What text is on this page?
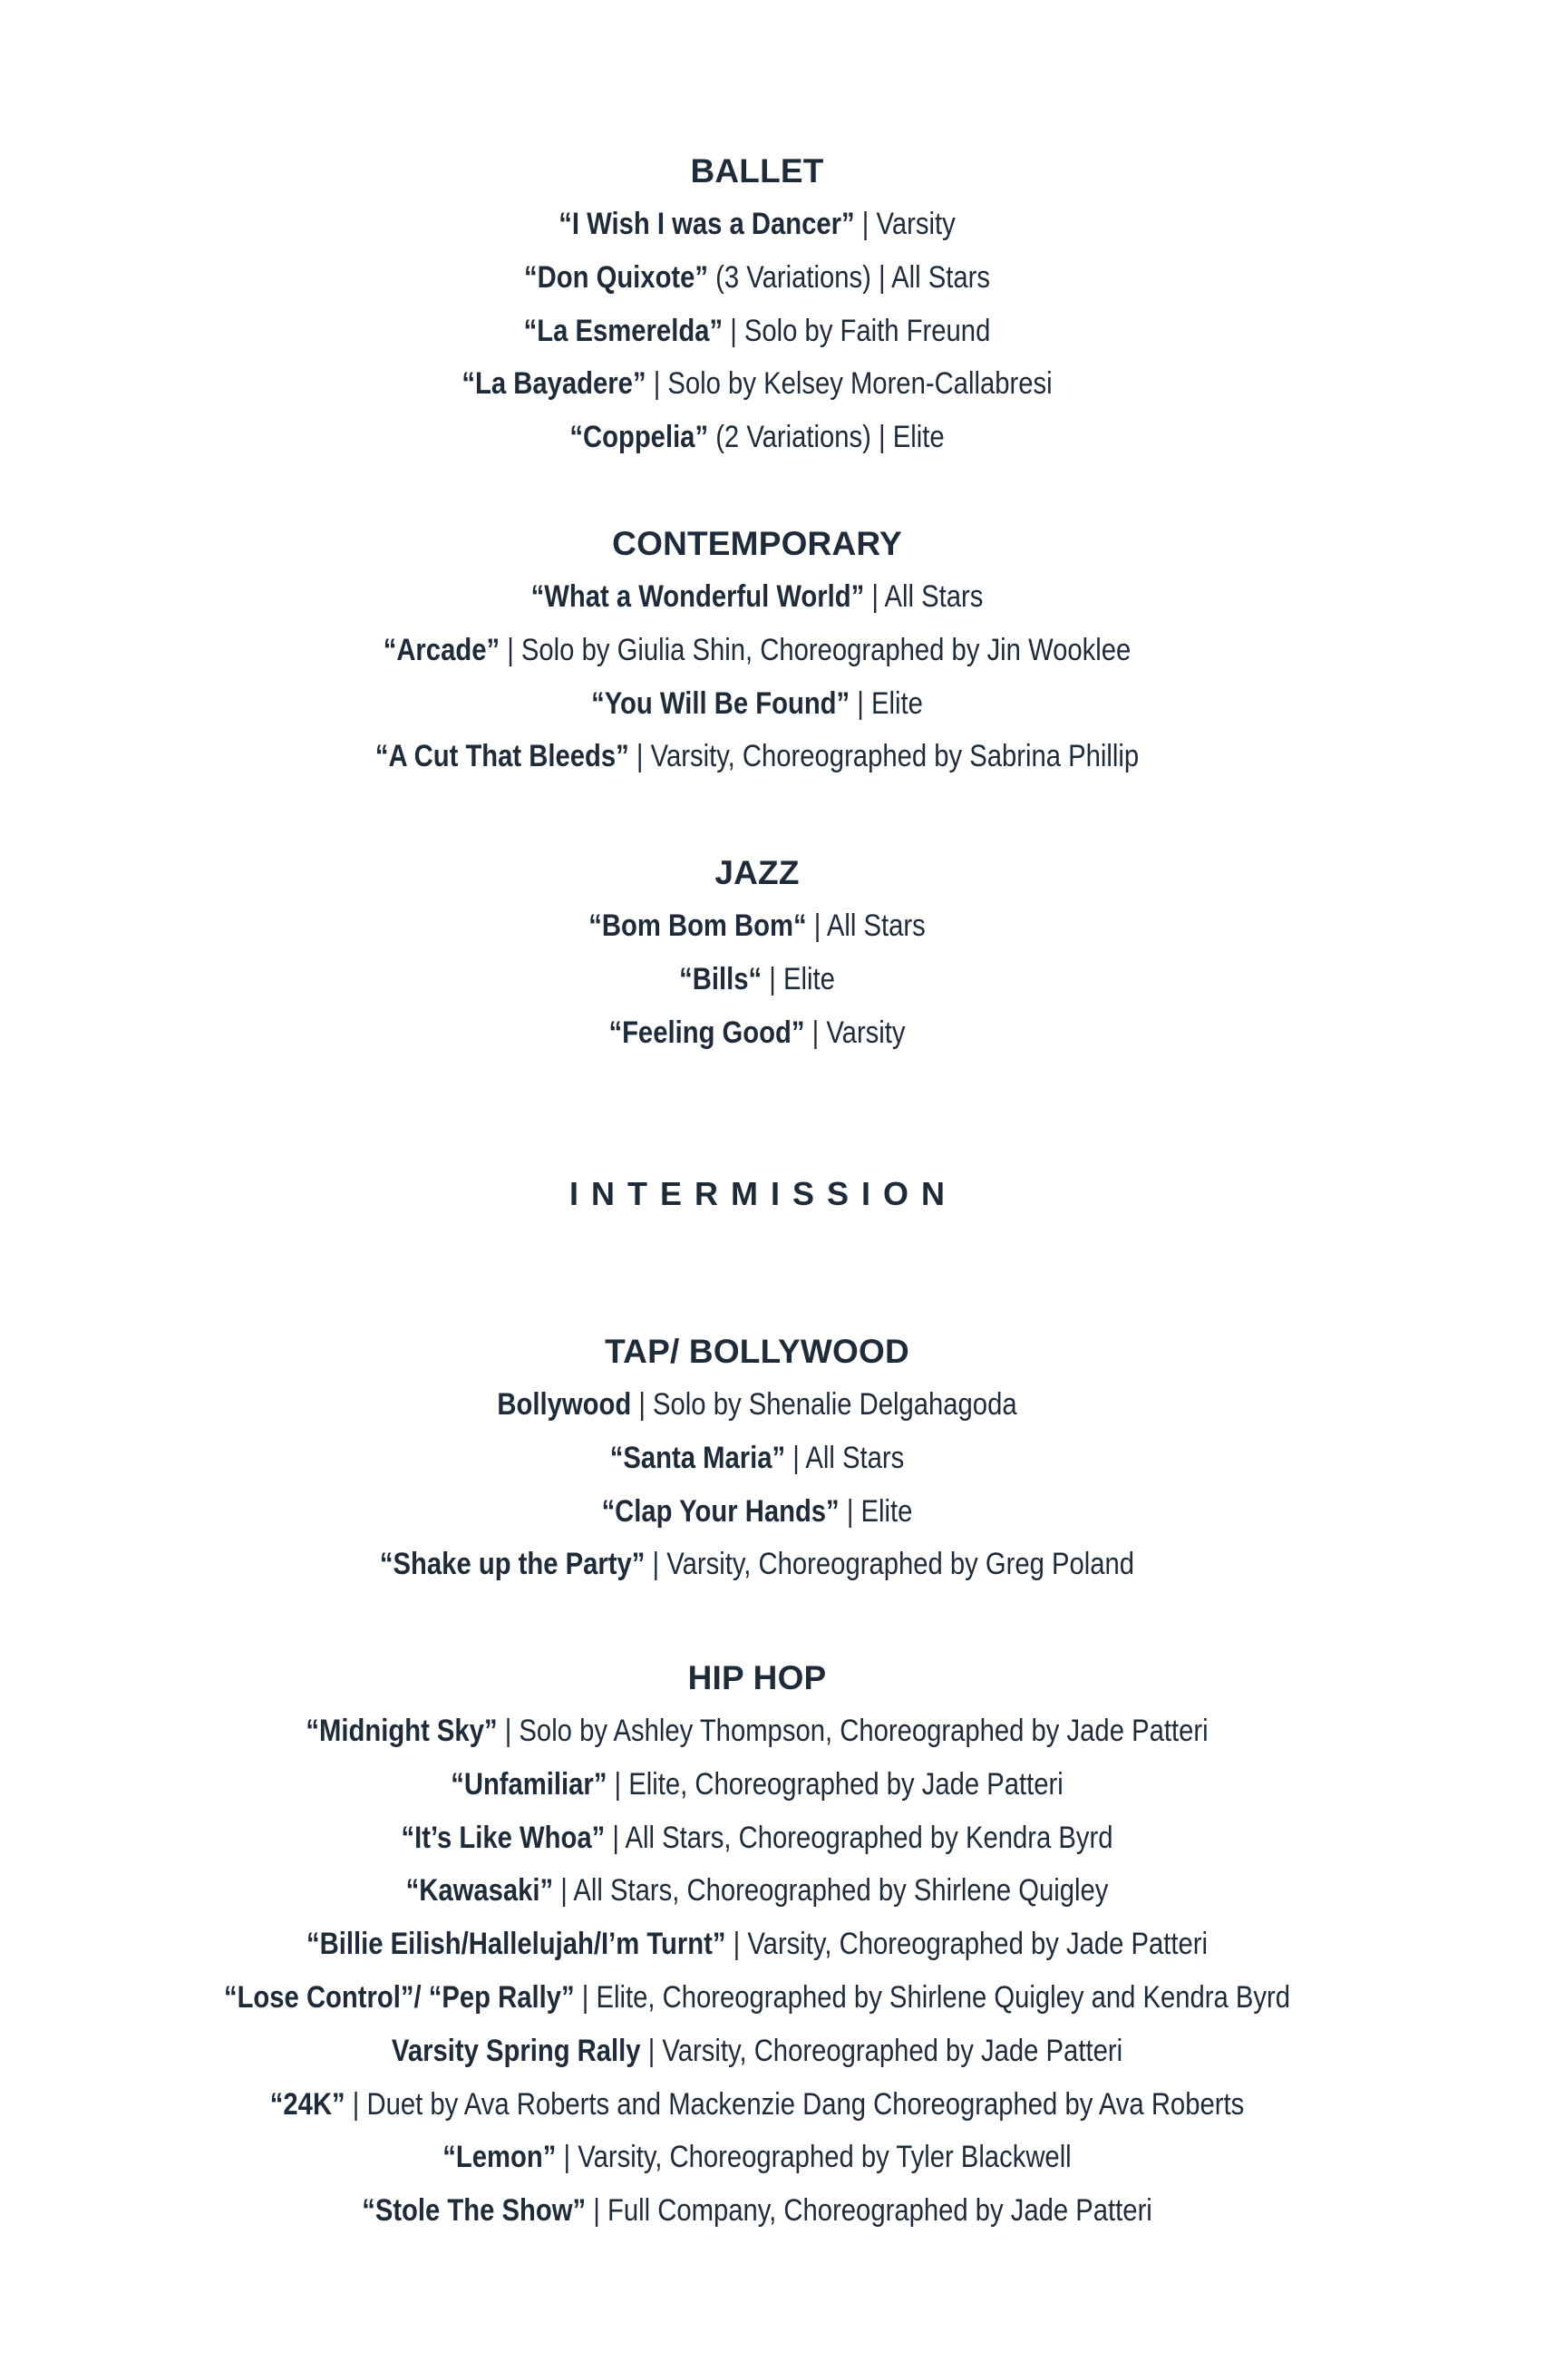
BALLET
“I Wish I was a Dancer” | Varsity
“Don Quixote” (3 Variations) | All Stars
“La Esmerelda” | Solo by Faith Freund
“La Bayadere” | Solo by Kelsey Moren-Callabresi
“Coppelia” (2 Variations) | Elite
CONTEMPORARY
“What a Wonderful World” | All Stars
“Arcade” | Solo by Giulia Shin, Choreographed by Jin Wooklee
“You Will Be Found” | Elite
“A Cut That Bleeds” | Varsity, Choreographed by Sabrina Phillip
JAZZ
“Bom Bom Bom“ | All Stars
“Bills“ | Elite
“Feeling Good” | Varsity
INTERMISSION
TAP/ BOLLYWOOD
Bollywood | Solo by Shenalie Delgahagoda
“Santa Maria” | All Stars
“Clap Your Hands” | Elite
“Shake up the Party” | Varsity, Choreographed by Greg Poland
HIP HOP
“Midnight Sky” | Solo by Ashley Thompson, Choreographed by Jade Patteri
“Unfamiliar” | Elite, Choreographed by Jade Patteri
“It’s Like Whoa” | All Stars, Choreographed by Kendra Byrd
“Kawasaki” | All Stars, Choreographed by Shirlene Quigley
“Billie Eilish/Hallelujah/I’m Turnt” | Varsity, Choreographed by Jade Patteri
“Lose Control”/ “Pep Rally” | Elite, Choreographed by Shirlene Quigley and Kendra Byrd
Varsity Spring Rally | Varsity, Choreographed by Jade Patteri
“24K” | Duet by Ava Roberts and Mackenzie Dang Choreographed by Ava Roberts
“Lemon” | Varsity, Choreographed by Tyler Blackwell
“Stole The Show” | Full Company, Choreographed by Jade Patteri
